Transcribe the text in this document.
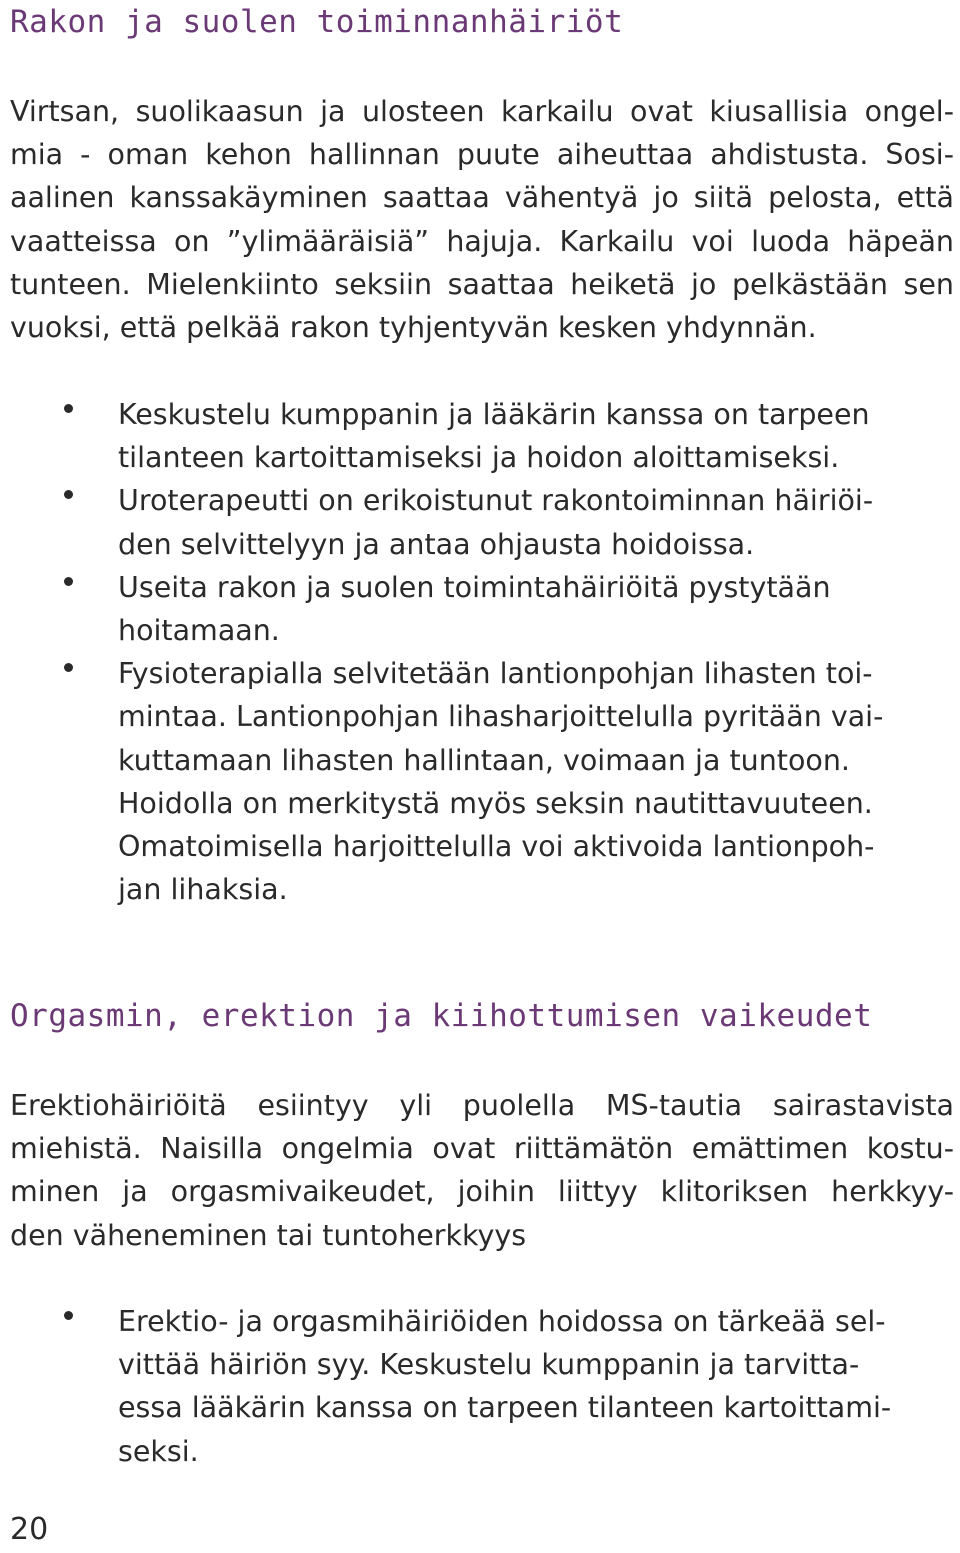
Rakon ja suolen toiminnanhäiriöt
Virtsan, suolikaasun ja ulosteen karkailu ovat kiusallisia ongel-
mia - oman kehon hallinnan puute aiheuttaa ahdistusta. Sosi-
aalinen kanssakäyminen saattaa vähentyä jo siitä pelosta, että
vaatteissa on ”ylimääräisiä” hajuja. Karkailu voi luoda häpeän
tunteen. Mielenkiinto seksiin saattaa heiketä jo pelkästään sen
vuoksi, että pelkää rakon tyhjentyvän kesken yhdynnän.
Keskustelu kumppanin ja lääkärin kanssa on tarpeen
tilanteen kartoittamiseksi ja hoidon aloittamiseksi.
Uroterapeutti on erikoistunut rakontoiminnan häiriöi-
den selvittelyyn ja antaa ohjausta hoidoissa.
Useita rakon ja suolen toimintahäiriöitä pystytään
hoitamaan.
Fysioterapialla selvitetään lantionpohjan lihasten toi-
mintaa. Lantionpohjan lihasharjoittelulla pyritään vai-
kuttamaan lihasten hallintaan, voimaan ja tuntoon.
Hoidolla on merkitystä myös seksin nautittavuuteen.
Omatoimisella harjoittelulla voi aktivoida lantionpoh-
jan lihaksia.
Orgasmin, erektion ja kiihottumisen vaikeudet
Erektiohäiriöitä esiintyy yli puolella MS-tautia sairastavista
miehistä. Naisilla ongelmia ovat riittämätön emättimen kostu-
minen ja orgasmivaikeudet, joihin liittyy klitoriksen herkkyy-
den väheneminen tai tuntoherkkyys
Erektio- ja orgasmihäiriöiden hoidossa on tärkeää sel-
vittää häiriön syy. Keskustelu kumppanin ja tarvitta-
essa lääkärin kanssa on tarpeen tilanteen kartoittami-
seksi.
20
